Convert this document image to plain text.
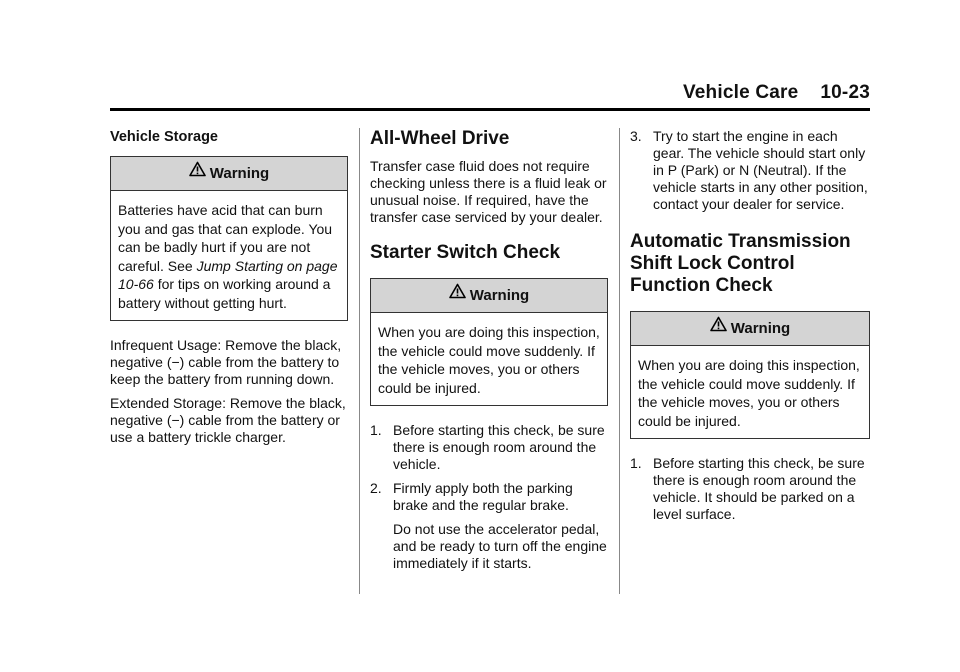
Vehicle Care 10-23
Vehicle Storage
Warning
Batteries have acid that can burn you and gas that can explode. You can be badly hurt if you are not careful. See Jump Starting on page 10-66 for tips on working around a battery without getting hurt.

Infrequent Usage: Remove the black, negative (−) cable from the battery to keep the battery from running down.

Extended Storage: Remove the black, negative (−) cable from the battery or use a battery trickle charger.

All-Wheel Drive

Transfer case fluid does not require checking unless there is a fluid leak or unusual noise. If required, have the transfer case serviced by your dealer.

Starter Switch Check
Warning
When you are doing this inspection, the vehicle could move suddenly. If the vehicle moves, you or others could be injured.
1. Before starting this check, be sure there is enough room around the vehicle.
2. Firmly apply both the parking brake and the regular brake.
Do not use the accelerator pedal, and be ready to turn off the engine immediately if it starts.
3. Try to start the engine in each gear. The vehicle should start only in P (Park) or N (Neutral). If the vehicle starts in any other position, contact your dealer for service.
Automatic Transmission
Shift Lock Control
Function Check
Warning
When you are doing this inspection, the vehicle could move suddenly. If the vehicle moves, you or others could be injured.
1. Before starting this check, be sure there is enough room around the vehicle. It should be parked on a level surface.
